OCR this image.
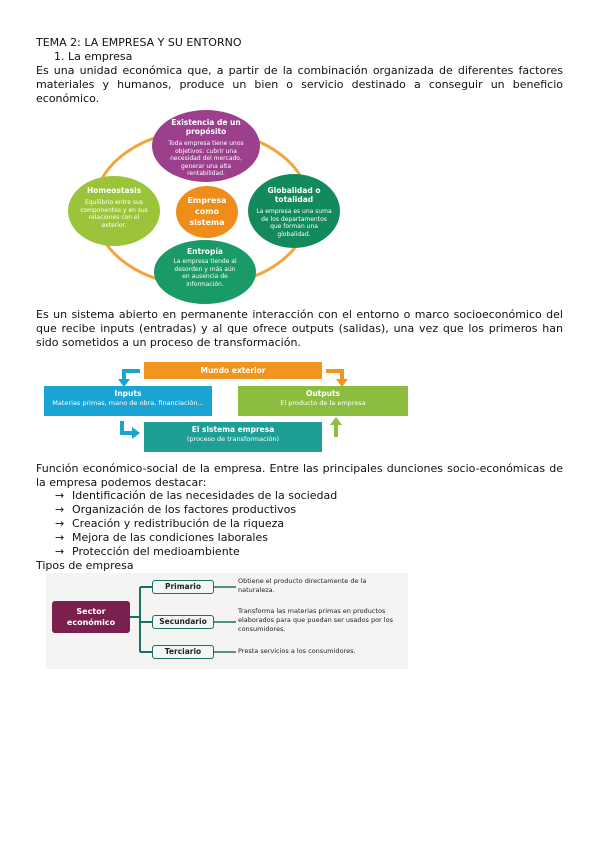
TEMA 2: LA EMPRESA Y SU ENTORNO
1. La empresa
Es una unidad económica que, a partir de la combinación organizada de diferentes factores materiales y humanos, produce un bien o servicio destinado a conseguir un beneficio económico.
Existencia de un propósito
Toda empresa tiene unos objetivos: cubrir una necesidad del mercado, generar una alta rentabilidad.
Homeostasis
Equilibrio entre sus componentes y en sus relaciones con el exterior.
Empresa como sistema
Globalidad o totalidad
La empresa es una suma de los departamentos que forman una globalidad.
Entropía
La empresa tiende al desorden y más aún en ausencia de información.
Es un sistema abierto en permanente interacción con el entorno o marco socioeconómico del que recibe inputs (entradas) y al que ofrece outputs (salidas), una vez que los primeros han sido sometidos a un proceso de transformación.
Mundo exterior
Inputs
Materias primas, mano de obra, financiación...
Outputs
El producto de la empresa
El sistema empresa
(proceso de transformación)
Función económico-social de la empresa. Entre las principales dunciones socio-económicas de la empresa podemos destacar:
→ Identificación de las necesidades de la sociedad
→ Organización de los factores productivos
→ Creación y redistribución de la riqueza
→ Mejora de las condiciones laborales
→ Protección del medioambiente
Tipos de empresa
Sector económico
Primario
Secundario
Terciario
Obtiene el producto directamente de la naturaleza.
Transforma las materias primas en productos elaborados para que puedan ser usados por los consumidores.
Presta servicios a los consumidores.
